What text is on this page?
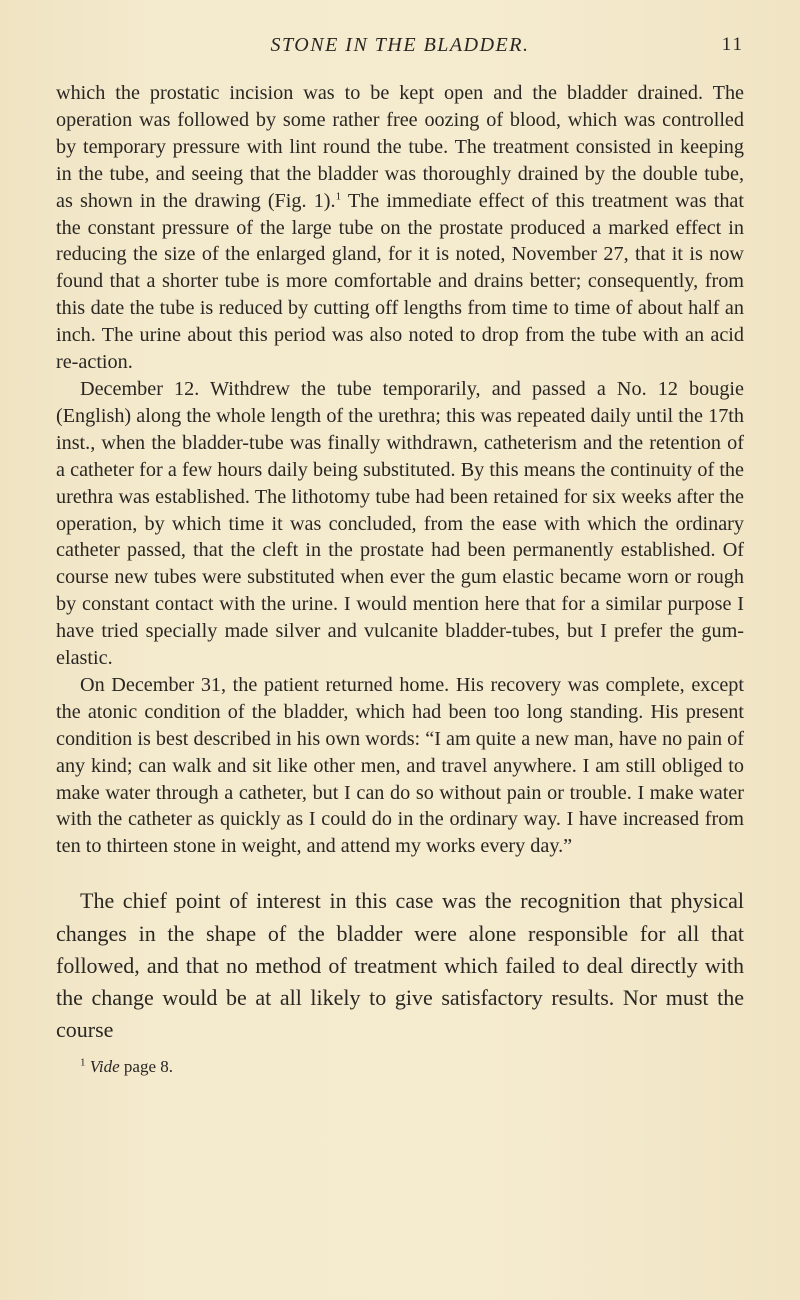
STONE IN THE BLADDER.	11

which the prostatic incision was to be kept open and the bladder drained. The operation was followed by some rather free oozing of blood, which was controlled by temporary pressure with lint round the tube. The treatment consisted in keeping in the tube, and seeing that the bladder was thoroughly drained by the double tube, as shown in the drawing (Fig. 1).$^1$ The immediate effect of this treatment was that the constant pressure of the large tube on the prostate produced a marked effect in reducing the size of the enlarged gland, for it is noted, November 27, that it is now found that a shorter tube is more comfortable and drains better; consequently, from this date the tube is reduced by cutting off lengths from time to time of about half an inch. The urine about this period was also noted to drop from the tube with an acid re-action.

December 12. Withdrew the tube temporarily, and passed a No. 12 bougie (English) along the whole length of the urethra; this was repeated daily until the 17th inst., when the bladder-tube was finally withdrawn, catheterism and the retention of a catheter for a few hours daily being substituted. By this means the continuity of the urethra was established. The lithotomy tube had been retained for six weeks after the operation, by which time it was concluded, from the ease with which the ordinary catheter passed, that the cleft in the prostate had been permanently established. Of course new tubes were substituted when ever the gum elastic became worn or rough by constant contact with the urine. I would mention here that for a similar purpose I have tried specially made silver and vulcanite bladder-tubes, but I prefer the gum-elastic.

On December 31, the patient returned home. His recovery was complete, except the atonic condition of the bladder, which had been too long standing. His present condition is best described in his own words: “I am quite a new man, have no pain of any kind; can walk and sit like other men, and travel anywhere. I am still obliged to make water through a catheter, but I can do so without pain or trouble. I make water with the catheter as quickly as I could do in the ordinary way. I have increased from ten to thirteen stone in weight, and attend my works every day.”

The chief point of interest in this case was the recognition that physical changes in the shape of the bladder were alone responsible for all that followed, and that no method of treatment which failed to deal directly with the change would be at all likely to give satisfactory results. Nor must the course

$^1$ Vide page 8.
